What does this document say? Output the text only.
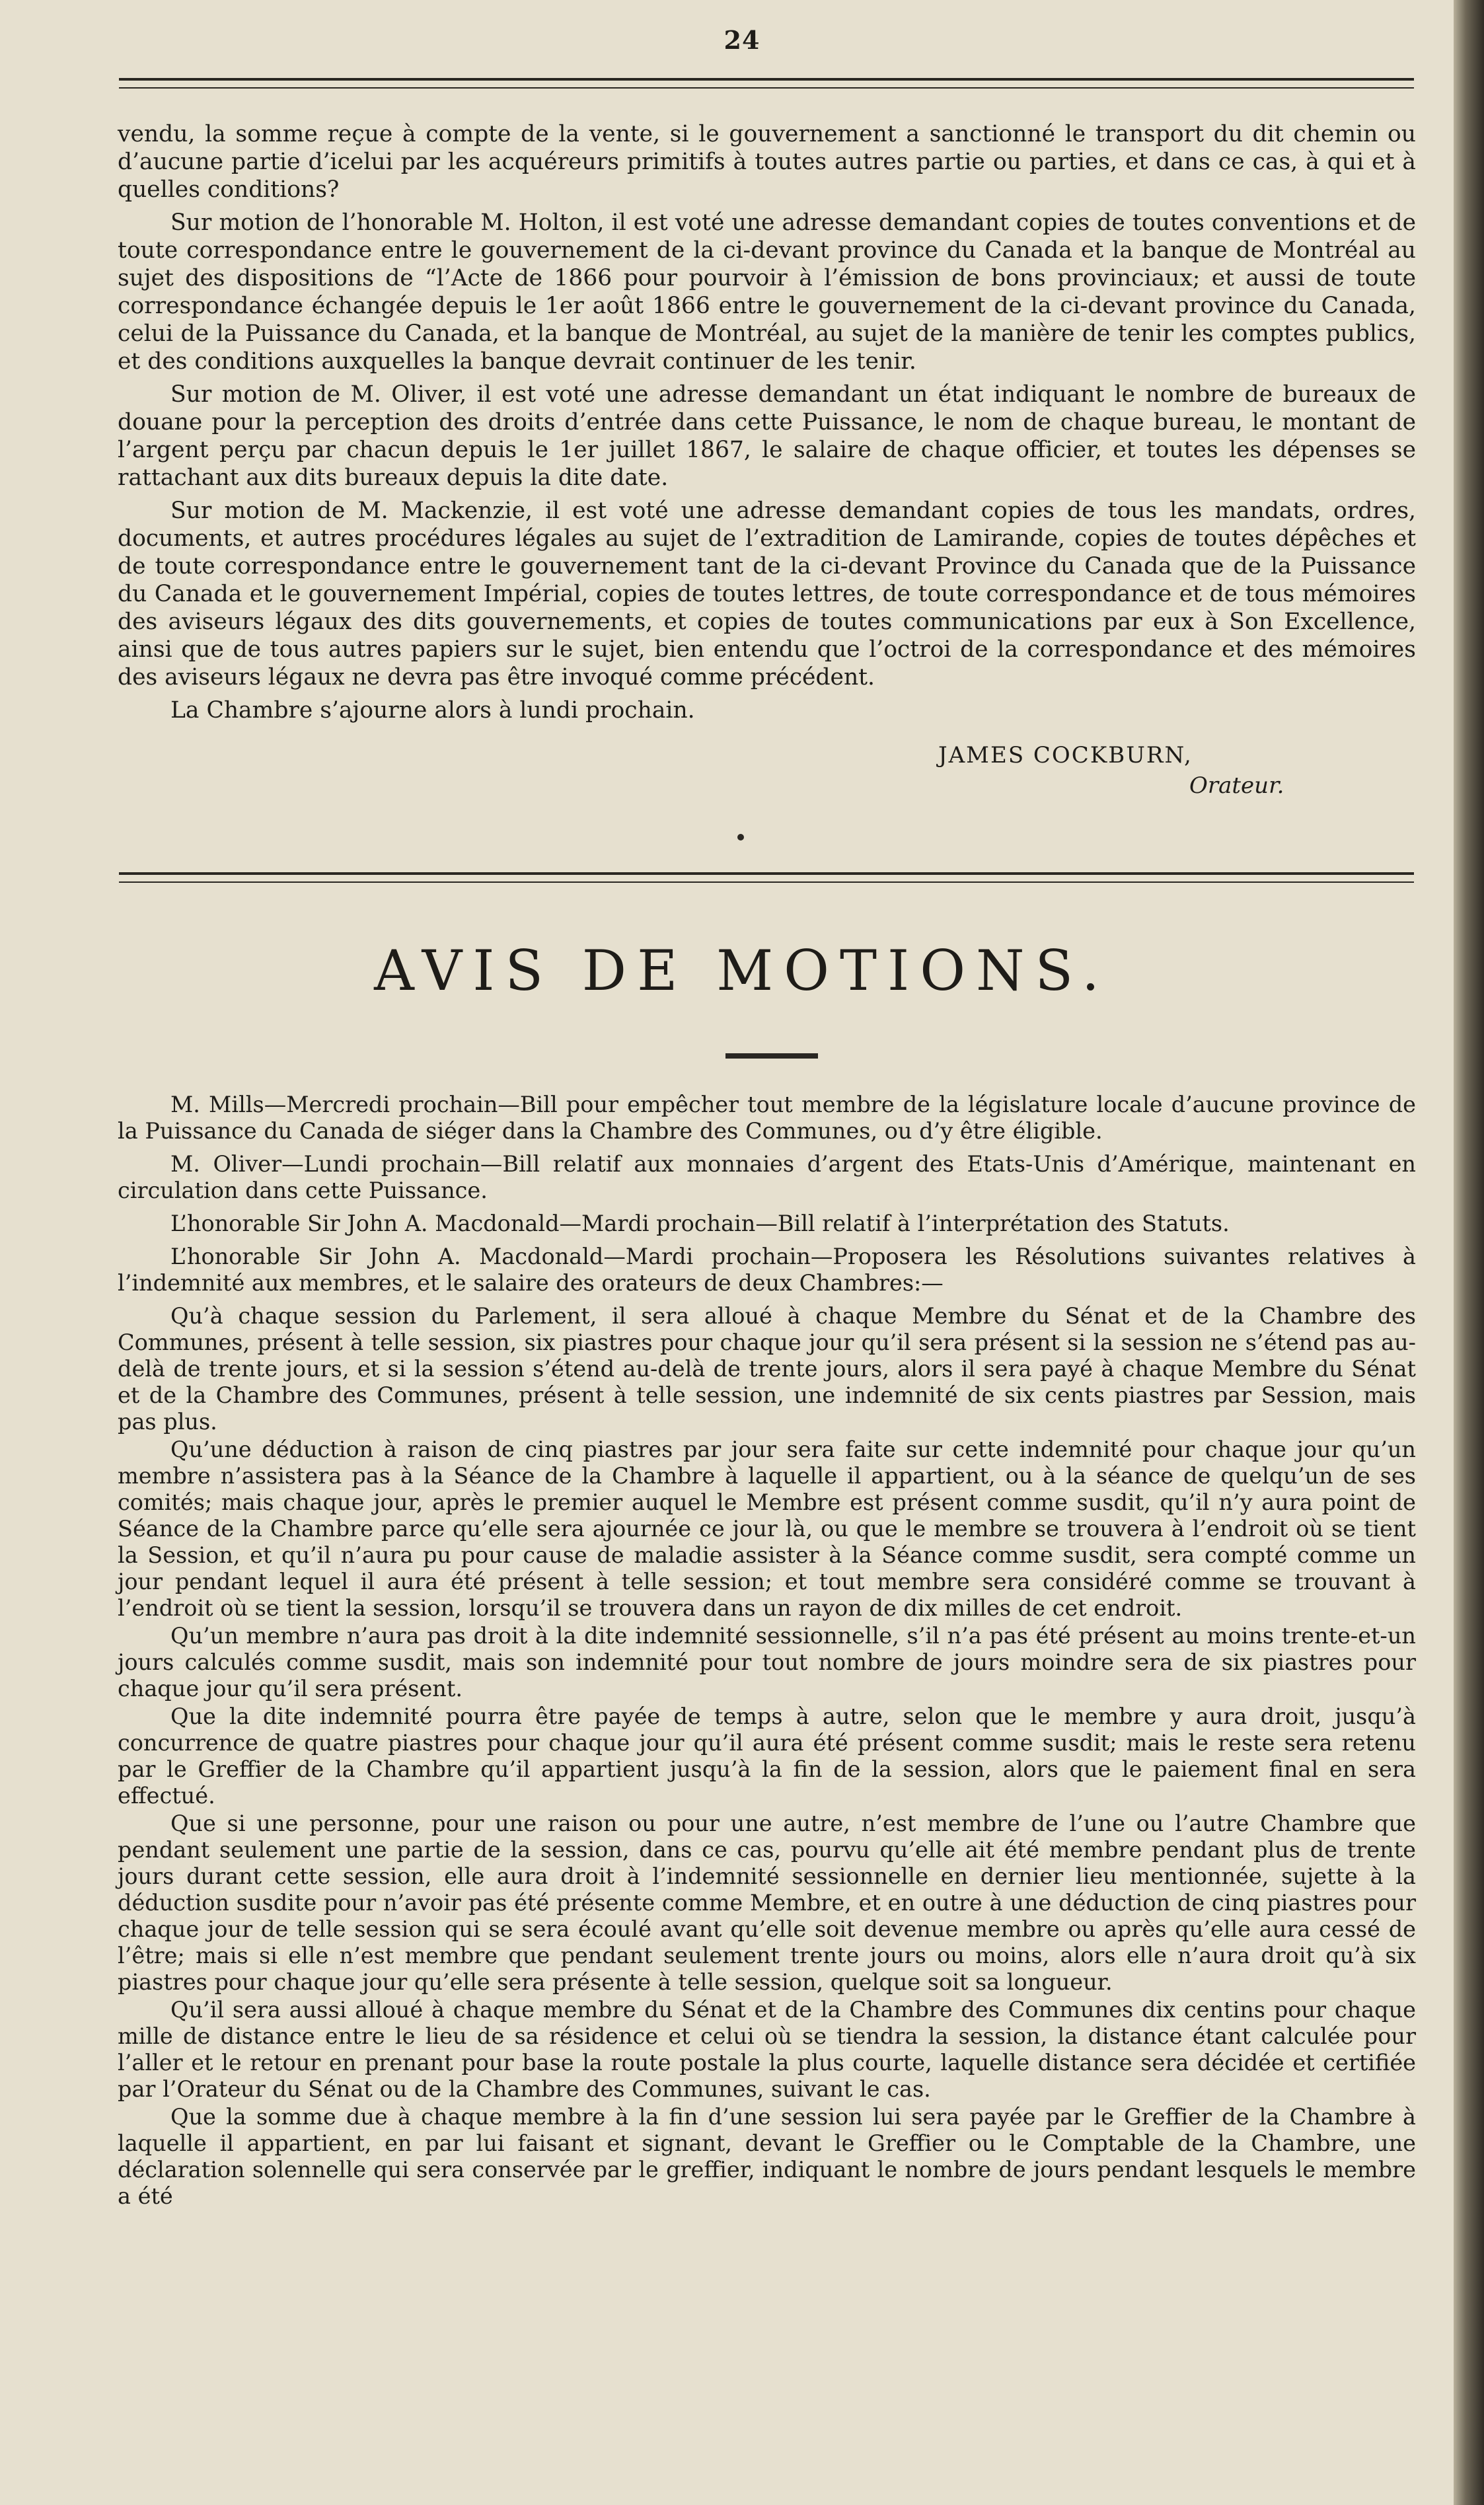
24

vendu, la somme reçue à compte de la vente, si le gouvernement a sanctionné le transport du dit chemin ou d’aucune partie d’icelui par les acquéreurs primitifs à toutes autres partie ou parties, et dans ce cas, à qui et à quelles conditions?

Sur motion de l’honorable M. Holton, il est voté une adresse demandant copies de toutes conventions et de toute correspondance entre le gouvernement de la ci-devant province du Canada et la banque de Montréal au sujet des dispositions de “l’Acte de 1866 pour pourvoir à l’émission de bons provinciaux; et aussi de toute correspondance échangée depuis le 1er août 1866 entre le gouvernement de la ci-devant province du Canada, celui de la Puissance du Canada, et la banque de Montréal, au sujet de la manière de tenir les comptes publics, et des conditions auxquelles la banque devrait continuer de les tenir.

Sur motion de M. Oliver, il est voté une adresse demandant un état indiquant le nombre de bureaux de douane pour la perception des droits d’entrée dans cette Puissance, le nom de chaque bureau, le montant de l’argent perçu par chacun depuis le 1er juillet 1867, le salaire de chaque officier, et toutes les dépenses se rattachant aux dits bureaux depuis la dite date.

Sur motion de M. Mackenzie, il est voté une adresse demandant copies de tous les mandats, ordres, documents, et autres procédures légales au sujet de l’extradition de Lamirande, copies de toutes dépêches et de toute correspondance entre le gouvernement tant de la ci-devant Province du Canada que de la Puissance du Canada et le gouvernement Impérial, copies de toutes lettres, de toute correspondance et de tous mémoires des aviseurs légaux des dits gouvernements, et copies de toutes communications par eux à Son Excellence, ainsi que de tous autres papiers sur le sujet, bien entendu que l’octroi de la correspondance et des mémoires des aviseurs légaux ne devra pas être invoqué comme précédent.

La Chambre s’ajourne alors à lundi prochain.

JAMES COCKBURN,
Orateur.
AVIS DE MOTIONS.

M. Mills—Mercredi prochain—Bill pour empêcher tout membre de la législature locale d’aucune province de la Puissance du Canada de siéger dans la Chambre des Communes, ou d’y être éligible.

M. Oliver—Lundi prochain—Bill relatif aux monnaies d’argent des Etats-Unis d’Amérique, maintenant en circulation dans cette Puissance.

L’honorable Sir John A. Macdonald—Mardi prochain—Bill relatif à l’interprétation des Statuts.

L’honorable Sir John A. Macdonald—Mardi prochain—Proposera les Résolutions suivantes relatives à l’indemnité aux membres, et le salaire des orateurs de deux Chambres:—

Qu’à chaque session du Parlement, il sera alloué à chaque Membre du Sénat et de la Chambre des Communes, présent à telle session, six piastres pour chaque jour qu’il sera présent si la session ne s’étend pas au-delà de trente jours, et si la session s’étend au-delà de trente jours, alors il sera payé à chaque Membre du Sénat et de la Chambre des Communes, présent à telle session, une indemnité de six cents piastres par Session, mais pas plus.

Qu’une déduction à raison de cinq piastres par jour sera faite sur cette indemnité pour chaque jour qu’un membre n’assistera pas à la Séance de la Chambre à laquelle il appartient, ou à la séance de quelqu’un de ses comités; mais chaque jour, après le premier auquel le Membre est présent comme susdit, qu’il n’y aura point de Séance de la Chambre parce qu’elle sera ajournée ce jour là, ou que le membre se trouvera à l’endroit où se tient la Session, et qu’il n’aura pu pour cause de maladie assister à la Séance comme susdit, sera compté comme un jour pendant lequel il aura été présent à telle session; et tout membre sera considéré comme se trouvant à l’endroit où se tient la session, lorsqu’il se trouvera dans un rayon de dix milles de cet endroit.

Qu’un membre n’aura pas droit à la dite indemnité sessionnelle, s’il n’a pas été présent au moins trente-et-un jours calculés comme susdit, mais son indemnité pour tout nombre de jours moindre sera de six piastres pour chaque jour qu’il sera présent.

Que la dite indemnité pourra être payée de temps à autre, selon que le membre y aura droit, jusqu’à concurrence de quatre piastres pour chaque jour qu’il aura été présent comme susdit; mais le reste sera retenu par le Greffier de la Chambre qu’il appartient jusqu’à la fin de la session, alors que le paiement final en sera effectué.

Que si une personne, pour une raison ou pour une autre, n’est membre de l’une ou l’autre Chambre que pendant seulement une partie de la session, dans ce cas, pourvu qu’elle ait été membre pendant plus de trente jours durant cette session, elle aura droit à l’indemnité sessionnelle en dernier lieu mentionnée, sujette à la déduction susdite pour n’avoir pas été présente comme Membre, et en outre à une déduction de cinq piastres pour chaque jour de telle session qui se sera écoulé avant qu’elle soit devenue membre ou après qu’elle aura cessé de l’être; mais si elle n’est membre que pendant seulement trente jours ou moins, alors elle n’aura droit qu’à six piastres pour chaque jour qu’elle sera présente à telle session, quelque soit sa longueur.

Qu’il sera aussi alloué à chaque membre du Sénat et de la Chambre des Communes dix centins pour chaque mille de distance entre le lieu de sa résidence et celui où se tiendra la session, la distance étant calculée pour l’aller et le retour en prenant pour base la route postale la plus courte, laquelle distance sera décidée et certifiée par l’Orateur du Sénat ou de la Chambre des Communes, suivant le cas.

Que la somme due à chaque membre à la fin d’une session lui sera payée par le Greffier de la Chambre à laquelle il appartient, en par lui faisant et signant, devant le Greffier ou le Comptable de la Chambre, une déclaration solennelle qui sera conservée par le greffier, indiquant le nombre de jours pendant lesquels le membre a été
